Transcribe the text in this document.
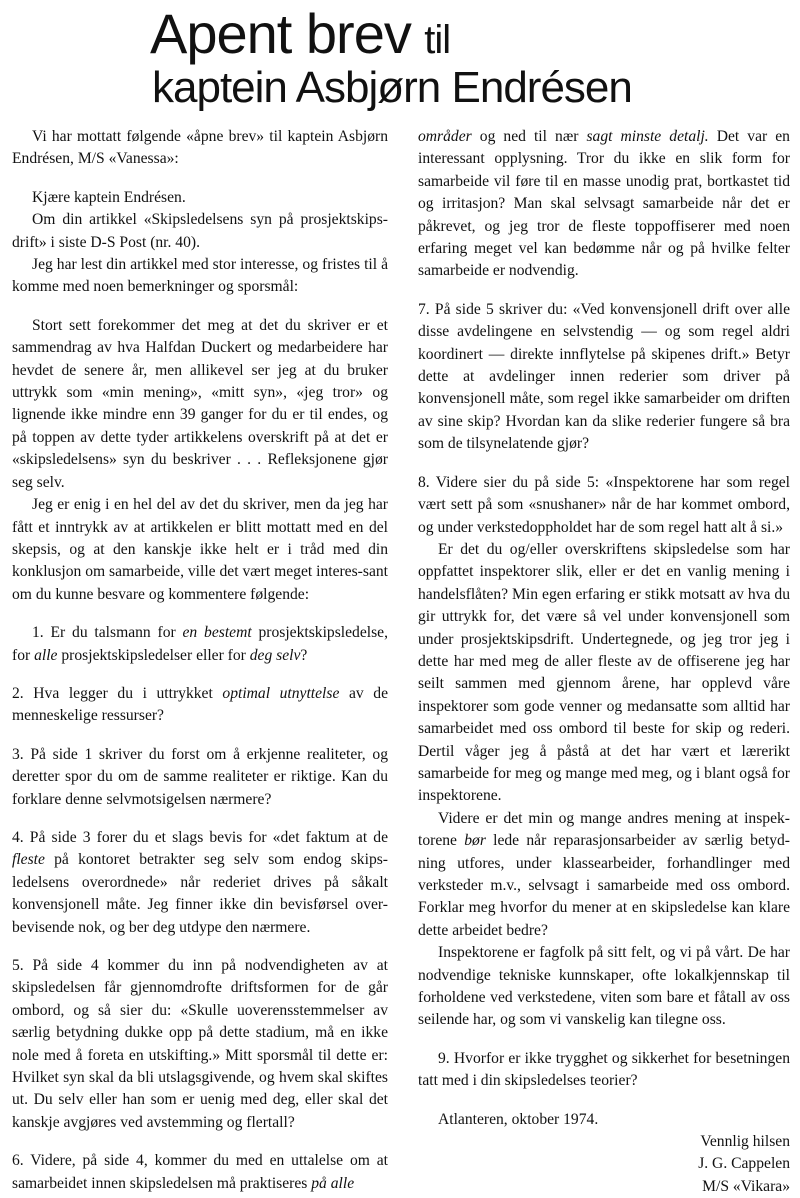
Apent brev til
kaptein Asbjørn Endrésen

Vi har mottatt følgende «åpne brev» til kaptein Asbjørn Endrésen, M/S «Vanessa»:

Kjære kaptein Endrésen.

Om din artikkel «Skipsledelsens syn på prosjektskips-drift» i siste D-S Post (nr. 40).

Jeg har lest din artikkel med stor interesse, og fristes til å komme med noen bemerkninger og sporsmål:

Stort sett forekommer det meg at det du skriver er et sammendrag av hva Halfdan Duckert og medarbeidere har hevdet de senere år, men allikevel ser jeg at du bruker uttrykk som «min mening», «mitt syn», «jeg tror» og lignende ikke mindre enn 39 ganger for du er til endes, og på toppen av dette tyder artikkelens overskrift på at det er «skipsledelsens» syn du beskriver . . . Refleksjonene gjør seg selv.

Jeg er enig i en hel del av det du skriver, men da jeg har fått et inntrykk av at artikkelen er blitt mottatt med en del skepsis, og at den kanskje ikke helt er i tråd med din konklusjon om samarbeide, ville det vært meget interes-sant om du kunne besvare og kommentere følgende:

1. Er du talsmann for en bestemt prosjektskipsledelse, for alle prosjektskipsledelser eller for deg selv?

2. Hva legger du i uttrykket optimal utnyttelse av de menneskelige ressurser?

3. På side 1 skriver du forst om å erkjenne realiteter, og deretter spor du om de samme realiteter er riktige. Kan du forklare denne selvmotsigelsen nærmere?

4. På side 3 forer du et slags bevis for «det faktum at de fleste på kontoret betrakter seg selv som endog skips-ledelsens overordnede» når rederiet drives på såkalt konvensjonell måte. Jeg finner ikke din bevisførsel over-bevisende nok, og ber deg utdype den nærmere.

5. På side 4 kommer du inn på nodvendigheten av at skipsledelsen får gjennomdrofte driftsformen for de går ombord, og så sier du: «Skulle uoverensstemmelser av særlig betydning dukke opp på dette stadium, må en ikke nole med å foreta en utskifting.» Mitt sporsmål til dette er: Hvilket syn skal da bli utslagsgivende, og hvem skal skiftes ut. Du selv eller han som er uenig med deg, eller skal det kanskje avgjøres ved avstemming og flertall?

6. Videre, på side 4, kommer du med en uttalelse om at samarbeidet innen skipsledelsen må praktiseres på alle

områder og ned til nær sagt minste detalj. Det var en interessant opplysning. Tror du ikke en slik form for samarbeide vil føre til en masse unodig prat, bortkastet tid og irritasjon? Man skal selvsagt samarbeide når det er påkrevet, og jeg tror de fleste toppoffiserer med noen erfaring meget vel kan bedømme når og på hvilke felter samarbeide er nodvendig.

7. På side 5 skriver du: «Ved konvensjonell drift over alle disse avdelingene en selvstendig — og som regel aldri koordinert — direkte innflytelse på skipenes drift.» Betyr dette at avdelinger innen rederier som driver på konvensjonell måte, som regel ikke samarbeider om driften av sine skip? Hvordan kan da slike rederier fungere så bra som de tilsynelatende gjør?

8. Videre sier du på side 5: «Inspektorene har som regel vært sett på som «snushaner» når de har kommet ombord, og under verkstedoppholdet har de som regel hatt alt å si.»

Er det du og/eller overskriftens skipsledelse som har oppfattet inspektorer slik, eller er det en vanlig mening i handelsflåten? Min egen erfaring er stikk motsatt av hva du gir uttrykk for, det være så vel under konvensjonell som under prosjektskipsdrift. Undertegnede, og jeg tror jeg i dette har med meg de aller fleste av de offiserene jeg har seilt sammen med gjennom årene, har opplevd våre inspektorer som gode venner og medansatte som alltid har samarbeidet med oss ombord til beste for skip og rederi. Dertil våger jeg å påstå at det har vært et lærerikt samarbeide for meg og mange med meg, og i blant også for inspektorene.

Videre er det min og mange andres mening at inspek-torene bør lede når reparasjonsarbeider av særlig betyd-ning utfores, under klassearbeider, forhandlinger med verksteder m.v., selvsagt i samarbeide med oss ombord. Forklar meg hvorfor du mener at en skipsledelse kan klare dette arbeidet bedre?

Inspektorene er fagfolk på sitt felt, og vi på vårt. De har nodvendige tekniske kunnskaper, ofte lokalkjennskap til forholdene ved verkstedene, viten som bare et fåtall av oss seilende har, og som vi vanskelig kan tilegne oss.

9. Hvorfor er ikke trygghet og sikkerhet for besetningen tatt med i din skipsledelses teorier?

Atlanteren, oktober 1974.

Vennlig hilsen

J. G. Cappelen

M/S «Vikara»
